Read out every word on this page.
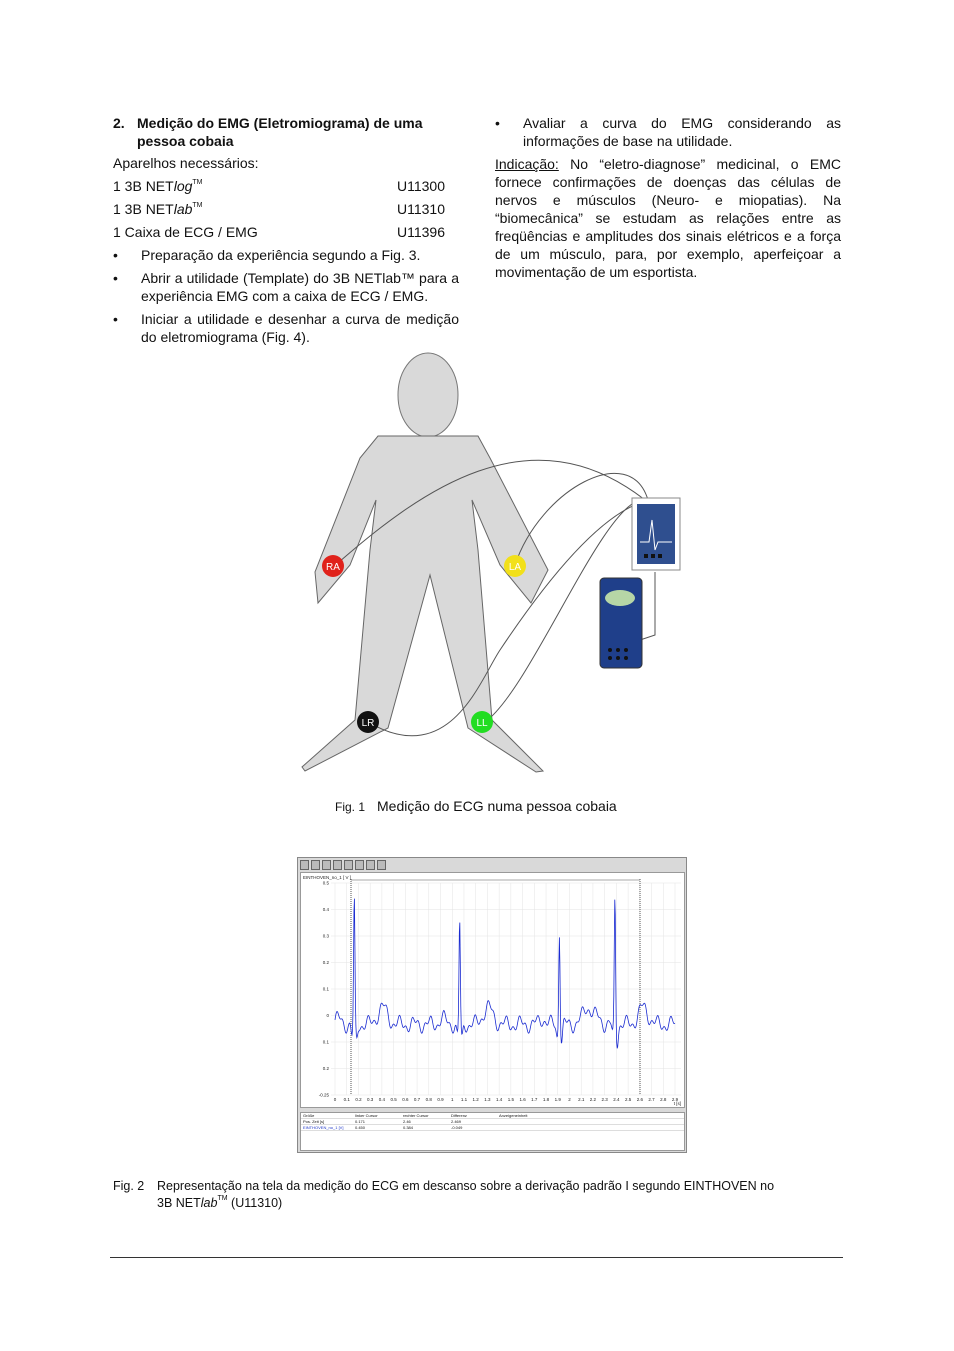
2. Medição do EMG (Eletromiograma) de uma
pessoa cobaia

Aparelhos necessários:

1 3B NETlog™	U11300
1 3B NETlab™	U11310
1 Caixa de ECG / EMG	U11396
• Preparação da experiência segundo a Fig. 3.
• Abrir a utilidade (Template) do 3B NETlab™ para a experiência EMG com a caixa de ECG / EMG.
• Iniciar a utilidade e desenhar a curva de medição do eletromiograma (Fig. 4).
• Avaliar a curva do EMG considerando as informações de base na utilidade.

Indicação: No “eletro-diagnose” medicinal, o EMC fornece confirmações de doenças das células de nervos e músculos (Neuro- e miopatias). Na “biomecânica” se estudam as relações entre as freqüências e amplitudes dos sinais elétricos e a força de um músculo, para, por exemplo, aperfeiçoar a movimentação de um esportista.

RA	LA
LR	LL
Fig. 1 Medição do ECG numa pessoa cobaia
EINTHOVEN_no_1 [ V ]
0.5
0.4
0.3
0.2
0.1
0
0.1
0.2
-0.25
0 0.1 0.2 0.3 0.4 0.5 0.6 0.7 0.8 0.9 1 1.1 1.2 1.3 1.4 1.5 1.6 1.7 1.8 1.9 2 2.1 2.2 2.3 2.4 2.5 2.6 2.7 2.8 2.9
t [s]
Größe	linker Cursor	rechter Cursor	Differenz	Anzeigeneinheit
Pos. Zeit [s]	0.171	2.46	2.469
EINTHOVEN_no_1 [V]	0.450	0.384	-0.049
Fig. 2 Representação na tela da medição do ECG em descanso sobre a derivação padrão I segundo EINTHOVEN no
3B NETlab™ (U11310)
